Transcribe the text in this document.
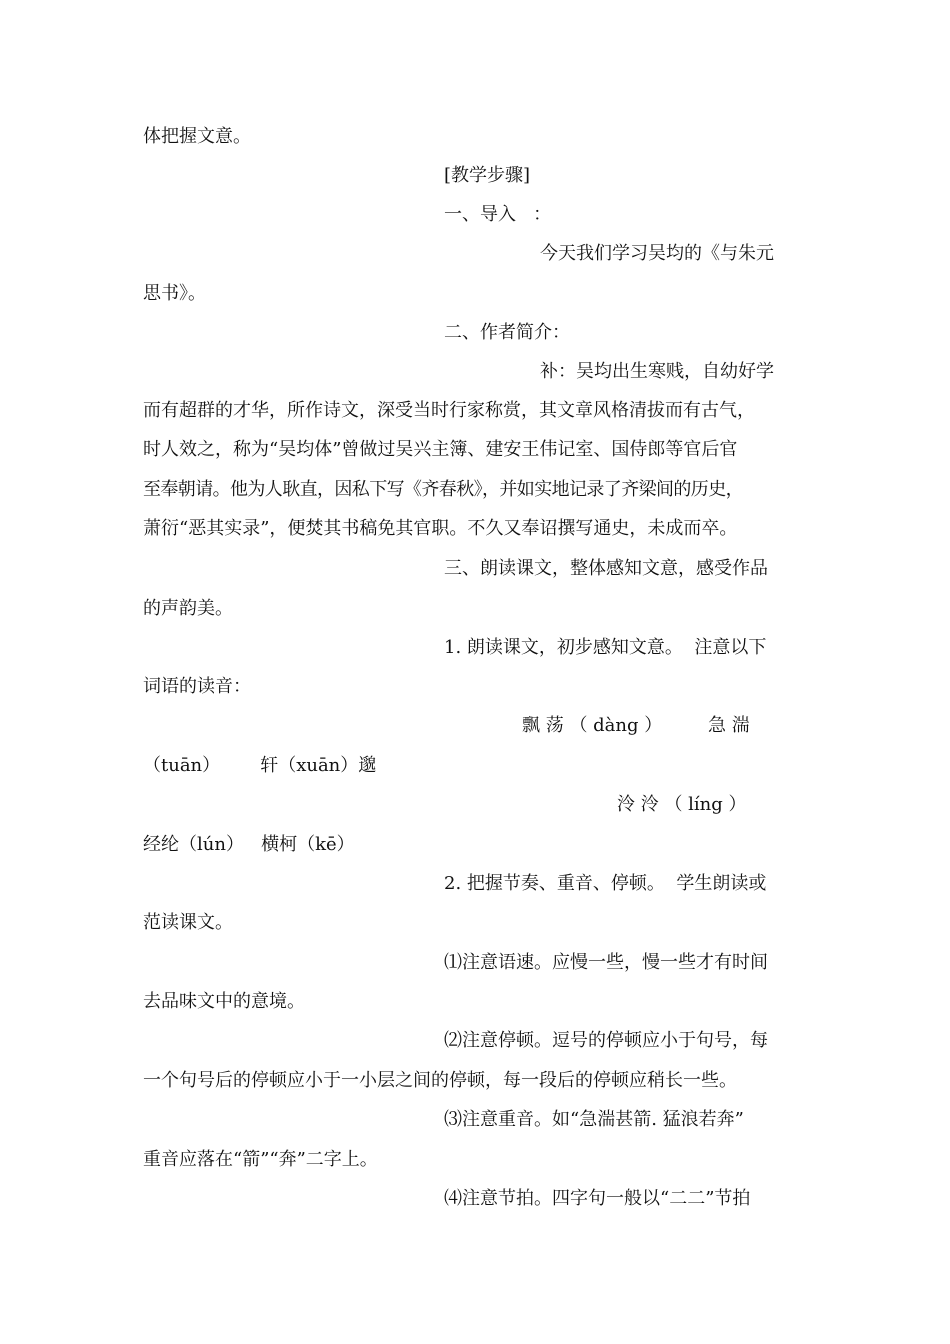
体把握文意。
[教学步骤]
一、导入   ：
今天我们学习吴均的《与朱元
思书》。
二、作者简介：
补：吴均出生寒贱，自幼好学
而有超群的才华，所作诗文，深受当时行家称赏，其文章风格清拔而有古气，
时人效之，称为“吴均体”曾做过吴兴主簿、建安王伟记室、国侍郎等官后官
至奉朝请。他为人耿直，因私下写《齐春秋》，并如实地记录了齐梁间的历史，
萧衍“恶其实录”，便焚其书稿免其官职。不久又奉诏撰写通史，未成而卒。
三、朗读课文，整体感知文意，感受作品
的声韵美。
1. 朗读课文，初步感知文意。  注意以下
词语的读音：
飘 荡 （ dàng ）        急 湍
（tuān）       轩（xuān）邈
泠 泠 （ líng ）
经纶（lún）   横柯（kē）
2. 把握节奏、重音、停顿。  学生朗读或
范读课文。
⑴注意语速。应慢一些，慢一些才有时间
去品味文中的意境。
⑵注意停顿。逗号的停顿应小于句号，每
一个句号后的停顿应小于一小层之间的停顿，每一段后的停顿应稍长一些。
⑶注意重音。如“急湍甚箭. 猛浪若奔”
重音应落在“箭”“奔”二字上。
⑷注意节拍。四字句一般以“二二”节拍
